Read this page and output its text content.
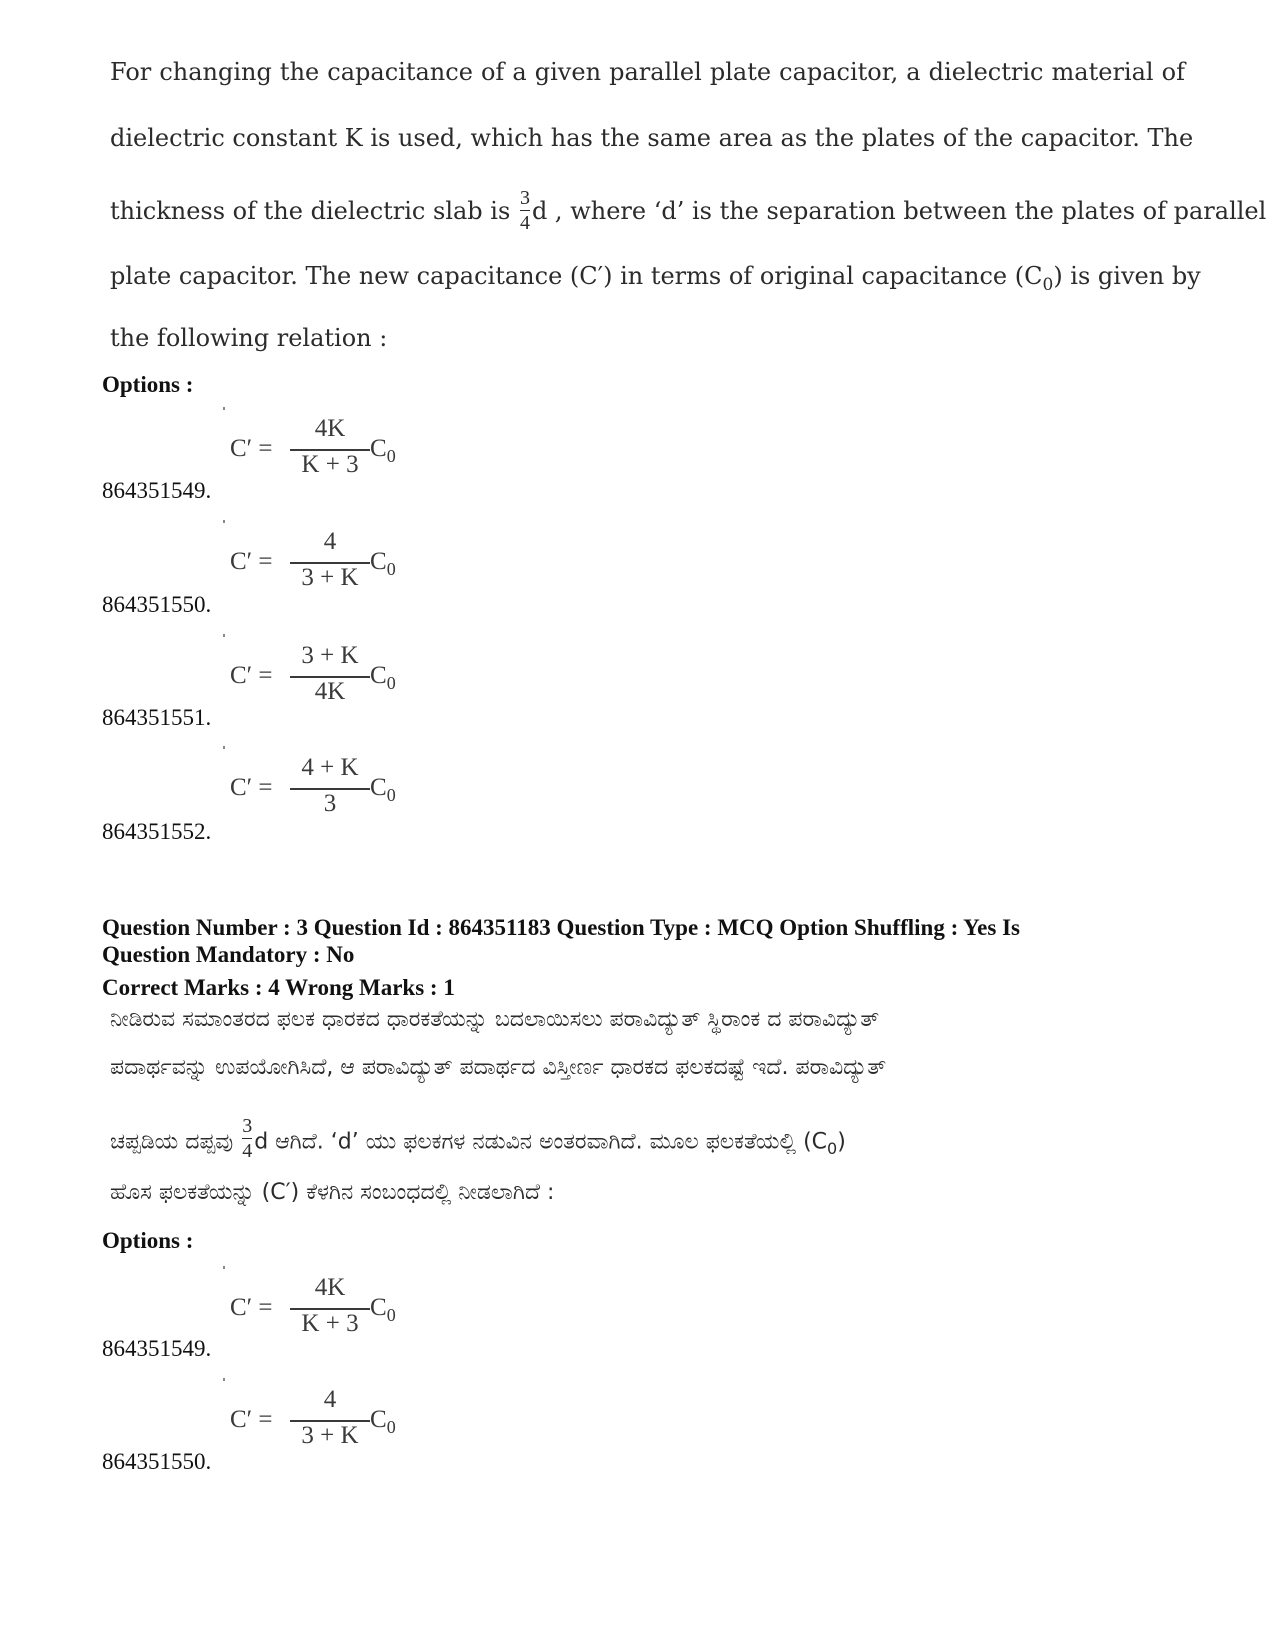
For changing the capacitance of a given parallel plate capacitor, a dielectric material of
dielectric constant K is used, which has the same area as the plates of the capacitor. The
thickness of the dielectric slab is $\frac{3}{4}$ d , where ‘d’ is the separation between the plates of parallel
plate capacitor. The new capacitance (C′) in terms of original capacitance $(C_0)$ is given by
the following relation :
Options :
C′ =
4K
K + 3
$C_0$
864351549.
C′ =
4
3 + K
$C_0$
864351550.
C′ =
3 + K
4K
$C_0$
864351551.
C′ =
4 + K
3
$C_0$
864351552.
Question Number : 3 Question Id : 864351183 Question Type : MCQ Option Shuffling : Yes Is
Question Mandatory : No
Correct Marks : 4 Wrong Marks : 1
ನೀಡಿರುವ ಸಮಾಂತರದ ಫಲಕ ಧಾರಕದ ಧಾರಕತೆಯನ್ನು ಬದಲಾಯಿಸಲು ಪರಾವಿದ್ಯುತ್ ಸ್ಥಿರಾಂಕ ದ ಪರಾವಿದ್ಯುತ್
ಪದಾರ್ಥವನ್ನು ಉಪಯೋಗಿಸಿದೆ, ಆ ಪರಾವಿದ್ಯುತ್ ಪದಾರ್ಥದ ವಿಸ್ತೀರ್ಣ ಧಾರಕದ ಫಲಕದಷ್ಟೆ ಇದೆ. ಪರಾವಿದ್ಯುತ್
ಚಪ್ಪಡಿಯ ದಪ್ಪವು $\frac{3}{4}$ d ಆಗಿದೆ. ‘d’ ಯು ಫಲಕಗಳ ನಡುವಿನ ಅಂತರವಾಗಿದೆ. ಮೂಲ ಫಲಕತೆಯಲ್ಲಿ $(C_0)$
ಹೊಸ ಫಲಕತೆಯನ್ನು (C′) ಕೆಳಗಿನ ಸಂಬಂಧದಲ್ಲಿ ನೀಡಲಾಗಿದೆ :
Options :
C′ =
4K
K + 3
$C_0$
864351549.
C′ =
4
3 + K
$C_0$
864351550.
